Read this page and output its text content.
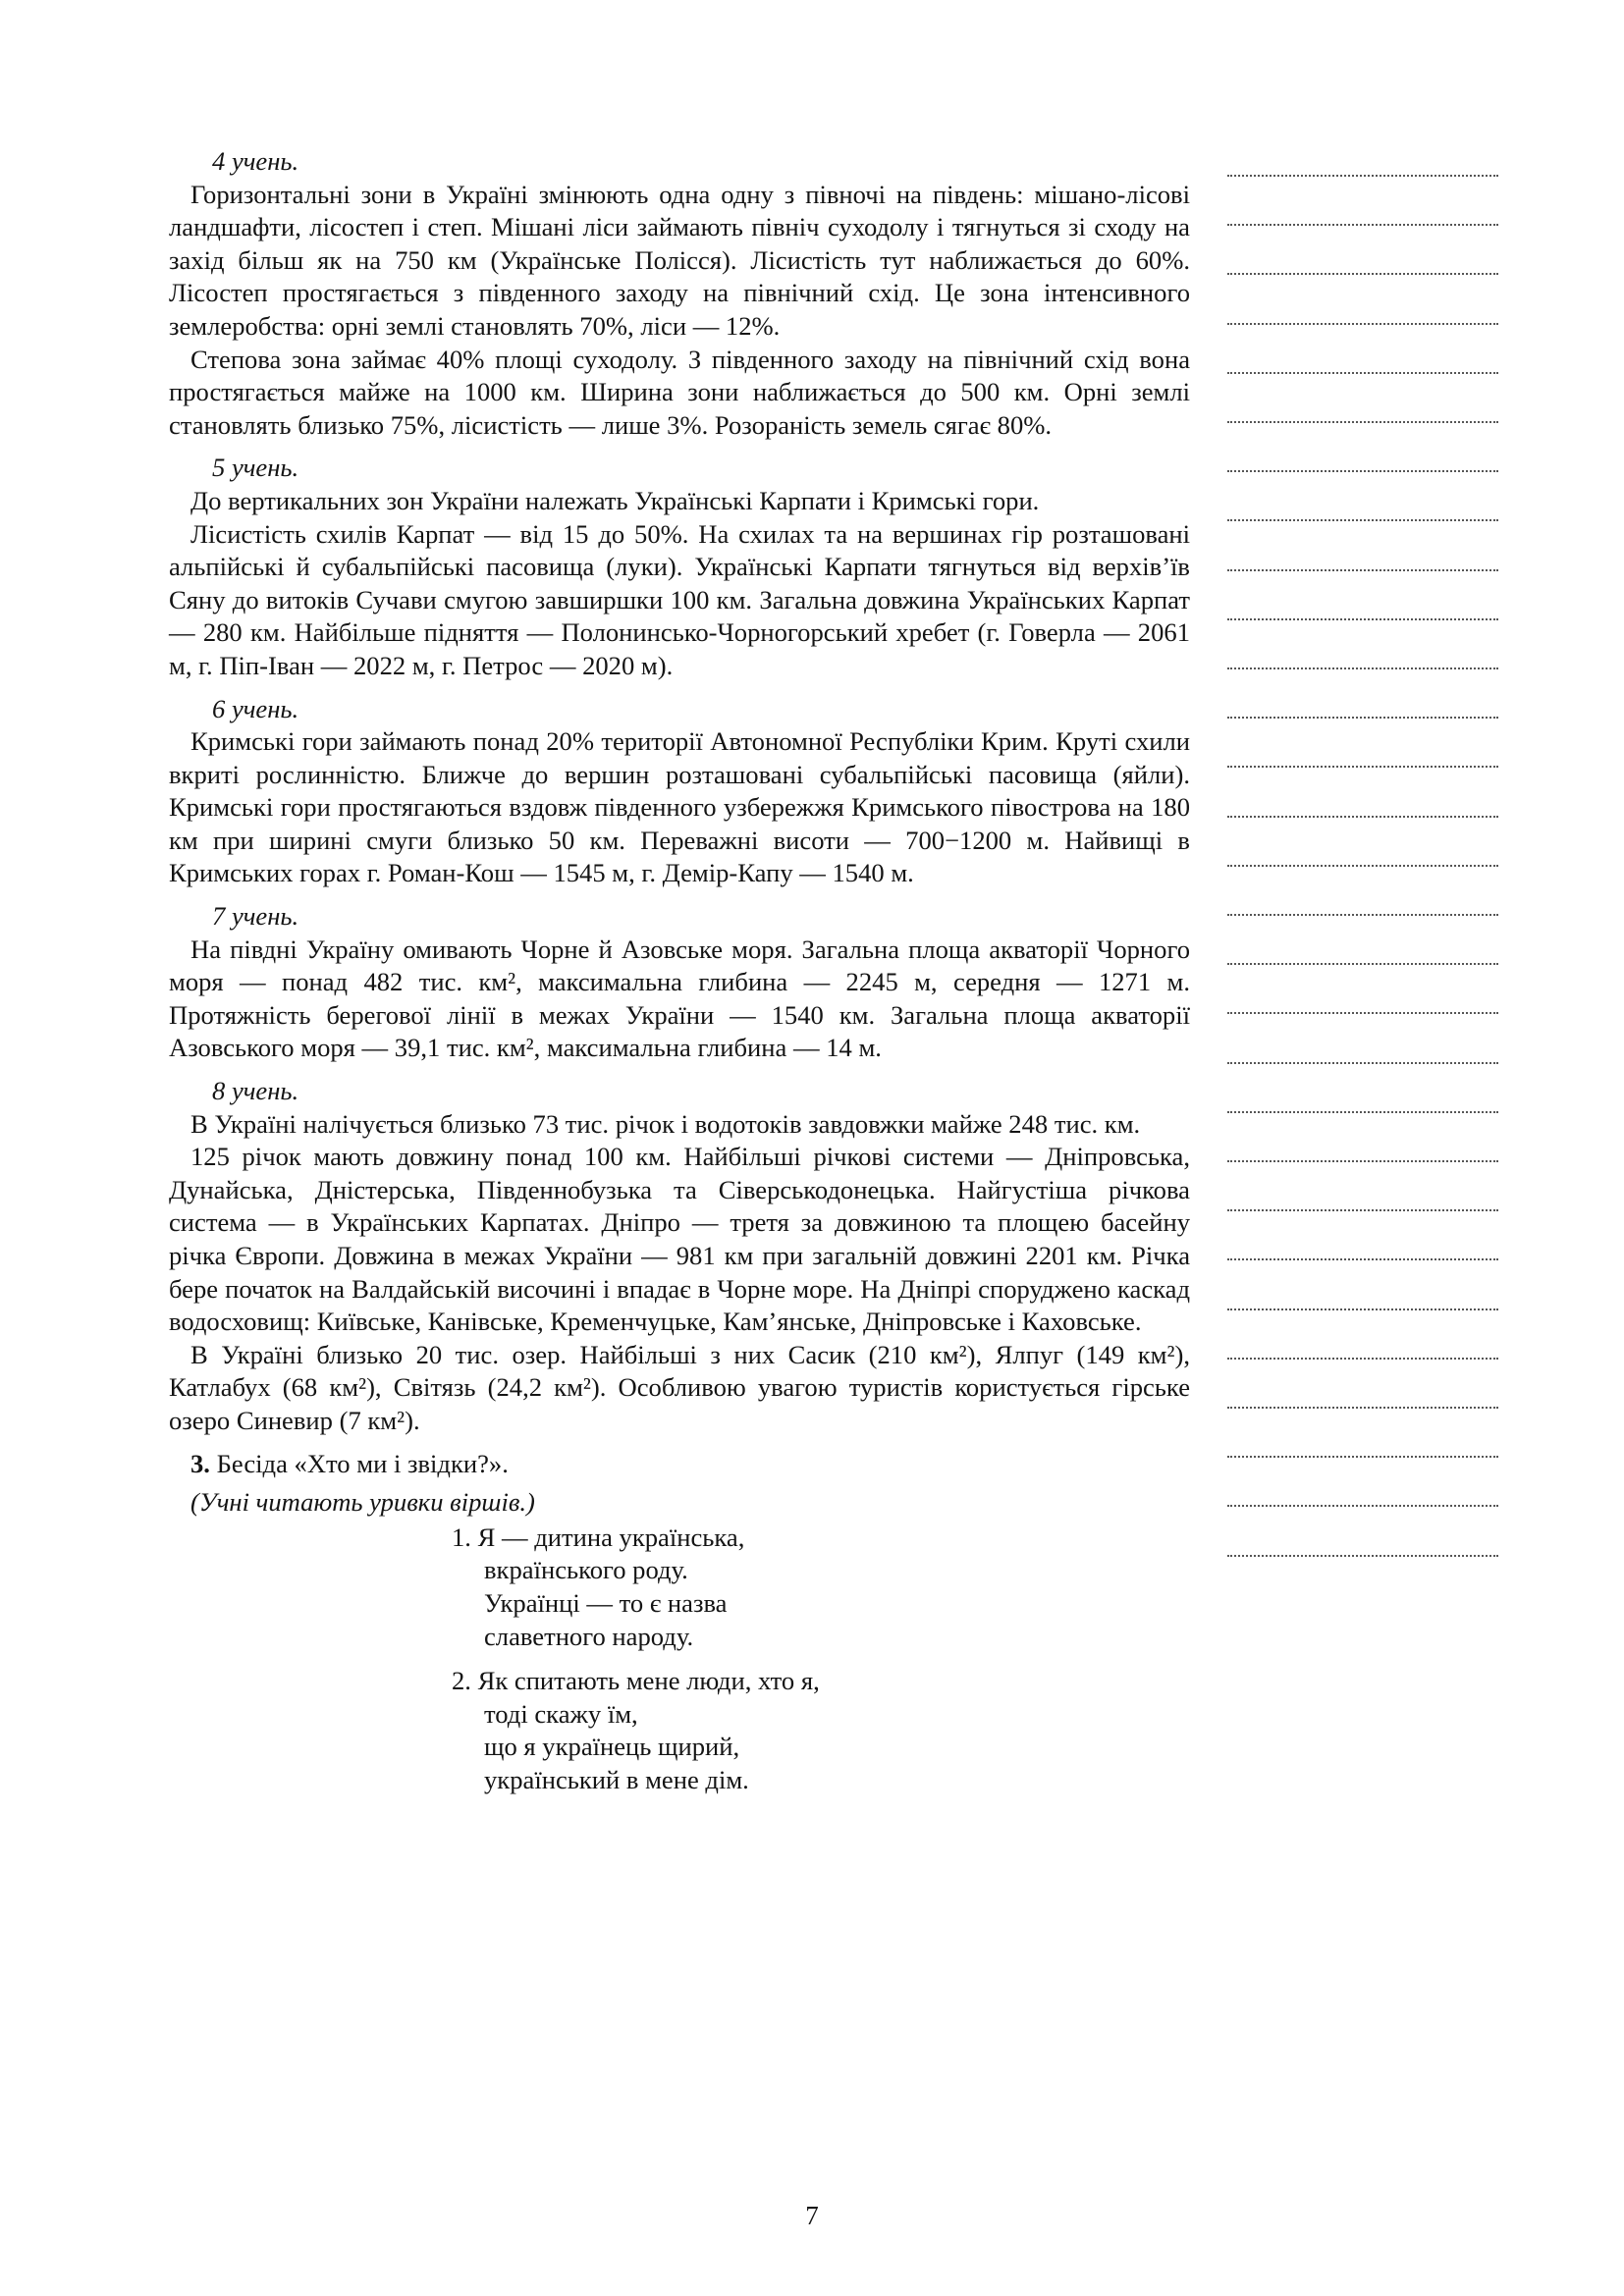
4 учень.

Горизонтальні зони в Україні змінюють одна одну з півночі на південь: мішано-лісові ландшафти, лісостеп і степ. Мішані ліси займають північ суходолу і тягнуться зі сходу на захід більш як на 750 км (Українське Полісся). Лісистість тут наближається до 60%. Лісостеп простягається з південного заходу на північний схід. Це зона інтенсивного землеробства: орні землі становлять 70%, ліси — 12%.

Степова зона займає 40% площі суходолу. З південного заходу на північний схід вона простягається майже на 1000 км. Ширина зони наближається до 500 км. Орні землі становлять близько 75%, лісистість — лише 3%. Розораність земель сягає 80%.

5 учень.

До вертикальних зон України належать Українські Карпати і Кримські гори.

Лісистість схилів Карпат — від 15 до 50%. На схилах та на вершинах гір розташовані альпійські й субальпійські пасовища (луки). Українські Карпати тягнуться від верхів’їв Сяну до витоків Сучави смугою завширшки 100 км. Загальна довжина Українських Карпат — 280 км. Найбільше підняття — Полонинсько-Чорногорський хребет (г. Говерла — 2061 м, г. Піп-Іван — 2022 м, г. Петрос — 2020 м).

6 учень.

Кримські гори займають понад 20% території Автономної Республіки Крим. Круті схили вкриті рослинністю. Ближче до вершин розташовані субальпійські пасовища (яйли). Кримські гори простягаються вздовж південного узбережжя Кримського півострова на 180 км при ширині смуги близько 50 км. Переважні висоти — 700−1200 м. Найвищі в Кримських горах г. Роман-Кош — 1545 м, г. Демір-Капу — 1540 м.

7 учень.

На півдні Україну омивають Чорне й Азовське моря. Загальна площа акваторії Чорного моря — понад 482 тис. км², максимальна глибина — 2245 м, середня — 1271 м. Протяжність берегової лінії в межах України — 1540 км. Загальна площа акваторії Азовського моря — 39,1 тис. км², максимальна глибина — 14 м.

8 учень.

В Україні налічується близько 73 тис. річок і водотоків завдовжки майже 248 тис. км.

125 річок мають довжину понад 100 км. Найбільші річкові системи — Дніпровська, Дунайська, Дністерська, Південнобузька та Сіверськодонецька. Найгустіша річкова система — в Українських Карпатах. Дніпро — третя за довжиною та площею басейну річка Європи. Довжина в межах України — 981 км при загальній довжині 2201 км. Річка бере початок на Валдайській височині і впадає в Чорне море. На Дніпрі споруджено каскад водосховищ: Київське, Канівське, Кременчуцьке, Кам’янське, Дніпровське і Каховське.

В Україні близько 20 тис. озер. Найбільші з них Сасик (210 км²), Ялпуг (149 км²), Катлабух (68 км²), Світязь (24,2 км²). Особливою увагою туристів користується гірське озеро Синевир (7 км²).

3. Бесіда «Хто ми і звідки?».
(Учні читають уривки віршів.)
1. Я — дитина українська,
вкраїнського роду.
Українці — то є назва
славетного народу.
2. Як спитають мене люди, хто я,
тоді скажу їм,
що я українець щирий,
український в мене дім.
7
